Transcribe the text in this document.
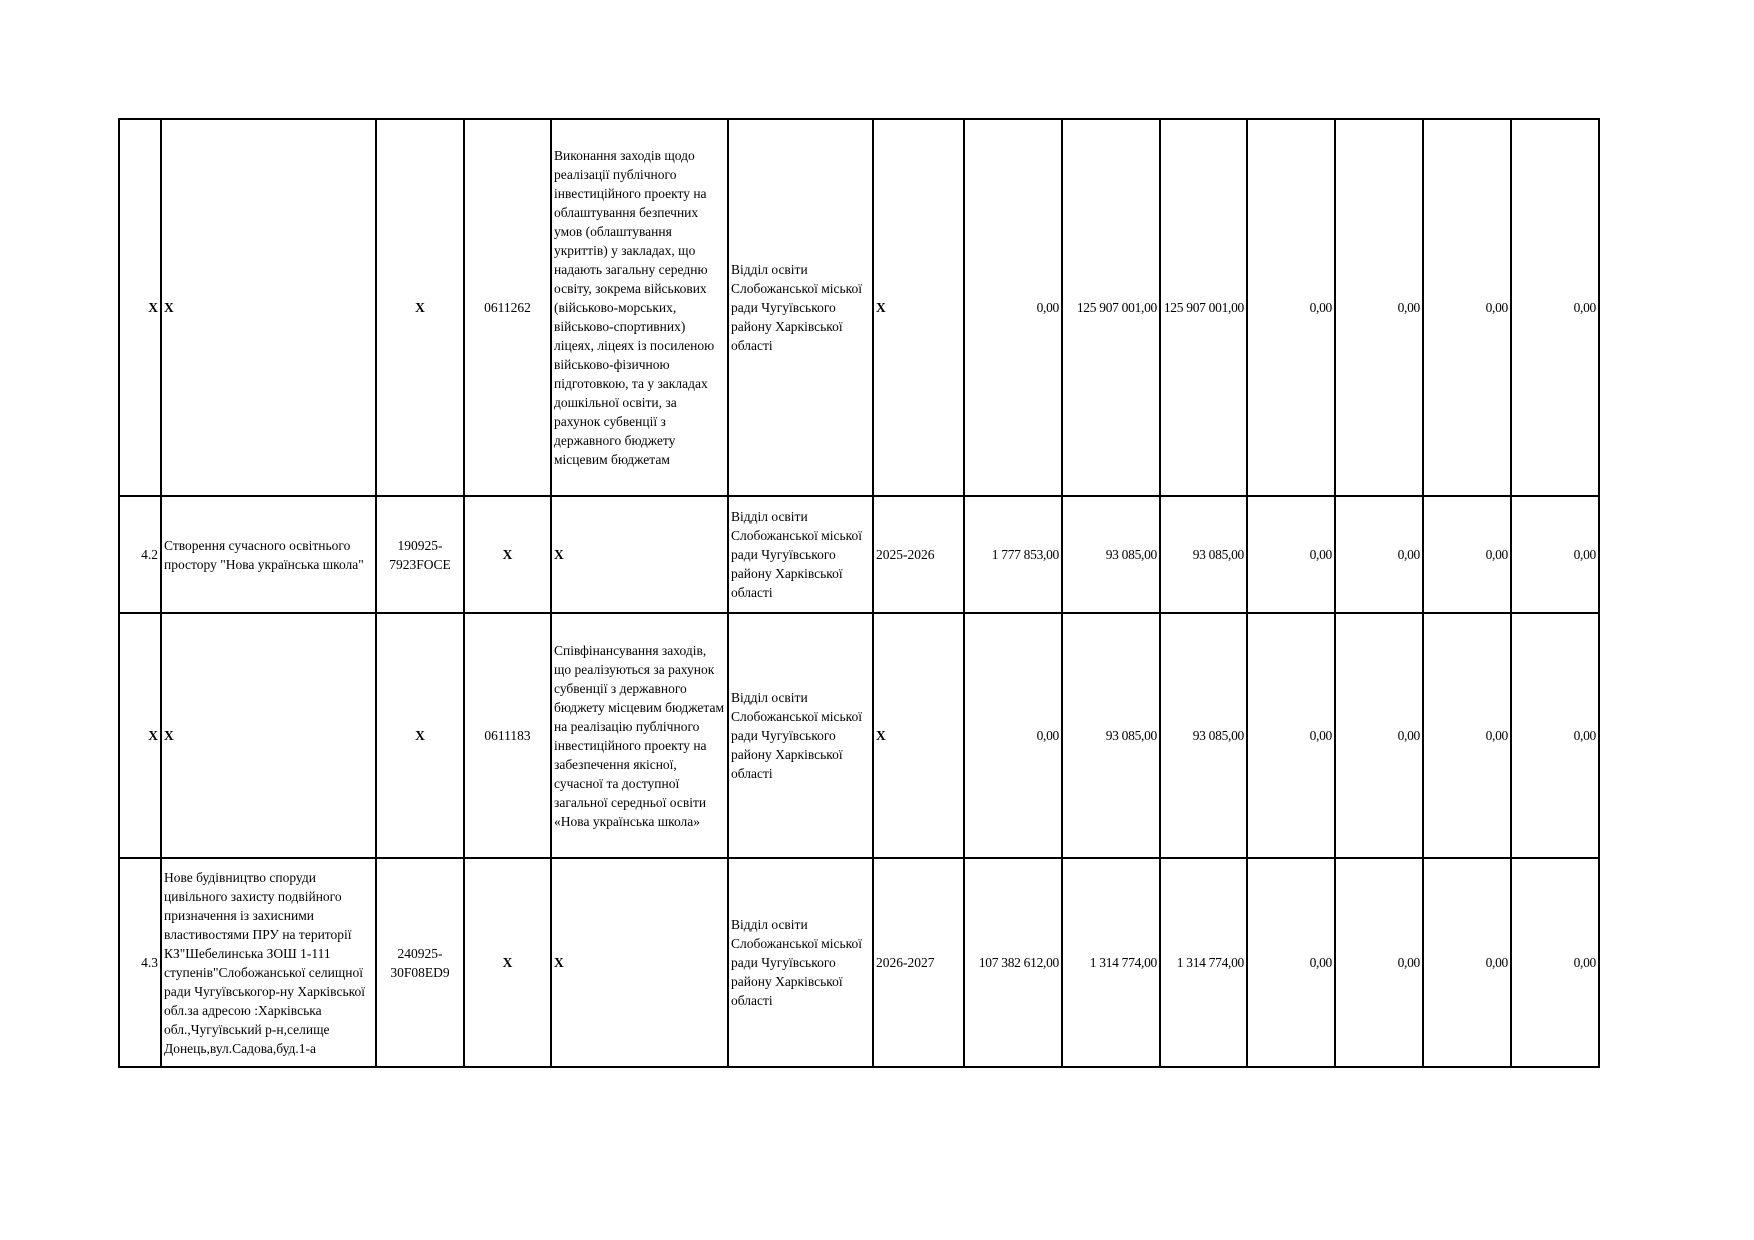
Х	Х	Х	0611262	Виконання заходів щодо реалізації публічного інвестиційного проекту на облаштування безпечних умов (облаштування укриттів) у закладах, що надають загальну середню освіту, зокрема військових (військово-морських, військово-спортивних) ліцеях, ліцеях із посиленою військово-фізичною підготовкою, та у закладах дошкільної освіти, за рахунок субвенції з державного бюджету місцевим бюджетам	Відділ освіти Слобожанської міської ради Чугуївського району Харківської області	Х	0,00	125 907 001,00	125 907 001,00	0,00	0,00	0,00	0,00
4.2	Створення сучасного освітнього простору "Нова українська школа"	190925-7923FOCE	Х	Х	Відділ освіти Слобожанської міської ради Чугуївського району Харківської області	2025-2026	1 777 853,00	93 085,00	93 085,00	0,00	0,00	0,00	0,00
Х	Х	Х	0611183	Співфінансування заходів, що реалізуються за рахунок субвенції з державного бюджету місцевим бюджетам на реалізацію публічного інвестиційного проекту на забезпечення якісної, сучасної та доступної загальної середньої освіти «Нова українська школа»	Відділ освіти Слобожанської міської ради Чугуївського району Харківської області	Х	0,00	93 085,00	93 085,00	0,00	0,00	0,00	0,00
4.3	Нове будівництво споруди цивільного захисту подвійного призначення із захисними властивостями ПРУ на території КЗ"Шебелинська ЗОШ 1-111 ступенів"Слобожанської селищної ради Чугуївськогор-ну Харківської обл.за адресою :Харківська обл.,Чугуївський р-н,селище Донець,вул.Садова,буд.1-а	240925-30F08ED9	Х	Х	Відділ освіти Слобожанської міської ради Чугуївського району Харківської області	2026-2027	107 382 612,00	1 314 774,00	1 314 774,00	0,00	0,00	0,00	0,00
